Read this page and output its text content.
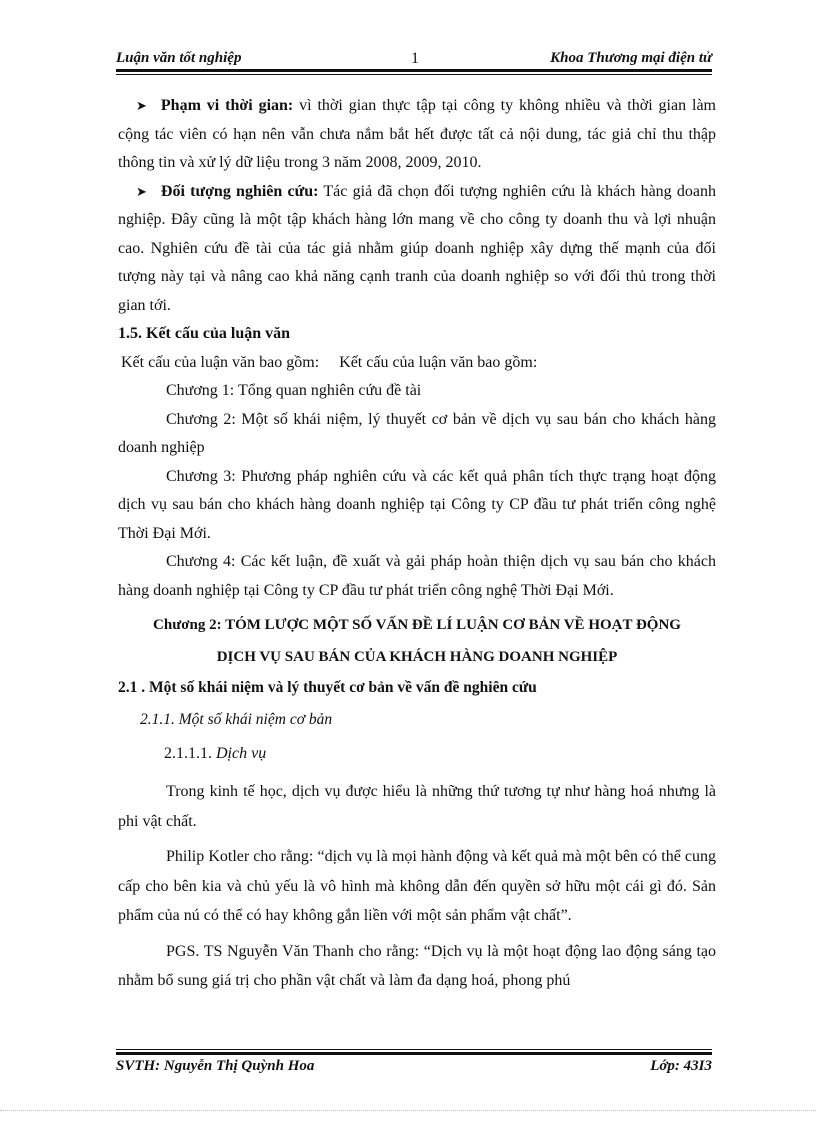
Luận văn tốt nghiệp	1	Khoa Thương mại điện tử

➤ Phạm vi thời gian: vì thời gian thực tập tại công ty không nhiều và thời gian làm cộng tác viên có hạn nên vẫn chưa nắm bắt hết được tất cả nội dung, tác giả chỉ thu thập thông tin và xử lý dữ liệu trong 3 năm 2008, 2009, 2010.

➤ Đối tượng nghiên cứu: Tác giả đã chọn đối tượng nghiên cứu là khách hàng doanh nghiệp. Đây cũng là một tập khách hàng lớn mang về cho công ty doanh thu và lợi nhuận cao. Nghiên cứu đề tài của tác giả nhằm giúp doanh nghiệp xây dựng thế mạnh của đối tượng này tại và nâng cao khả năng cạnh tranh của doanh nghiệp so với đối thủ trong thời gian tới.

1.5. Kết cấu của luận văn

Kết cấu của luận văn bao gồm:     Kết cấu của luận văn bao gồm:

Chương 1: Tổng quan nghiên cứu đề tài

Chương 2: Một số khái niệm, lý thuyết cơ bản về dịch vụ sau bán cho khách hàng doanh nghiệp

Chương 3: Phương pháp nghiên cứu và các kết quả phân tích thực trạng hoạt động dịch vụ sau bán cho khách hàng doanh nghiệp tại Công ty CP đầu tư phát triển công nghệ Thời Đại Mới.

Chương 4: Các kết luận, đề xuất và gải pháp hoàn thiện dịch vụ sau bán cho khách hàng doanh nghiệp tại Công ty CP đầu tư phát triển công nghệ Thời Đại Mới.

Chương 2: TÓM LƯỢC MỘT SỐ VẤN ĐỀ LÍ LUẬN CƠ BẢN VỀ HOẠT ĐỘNG

DỊCH VỤ SAU BÁN CỦA KHÁCH HÀNG DOANH NGHIỆP

2.1 . Một số khái niệm và lý thuyết cơ bản về vấn đề nghiên cứu

2.1.1. Một số khái niệm cơ bản

2.1.1.1. Dịch vụ

Trong kinh tế học, dịch vụ được hiểu là những thứ tương tự như hàng hoá nhưng là phi vật chất.

Philip Kotler cho rằng: “dịch vụ là mọi hành động và kết quả mà một bên có thể cung cấp cho bên kia và chủ yếu là vô hình mà không dẫn đến quyền sở hữu một cái gì đó. Sản phẩm của nú có thể có hay không gắn liền với một sản phẩm vật chất”.

PGS. TS Nguyễn Văn Thanh cho rằng: “Dịch vụ là một hoạt động lao động sáng tạo nhằm bổ sung giá trị cho phần vật chất và làm đa dạng hoá, phong phú

SVTH: Nguyễn Thị Quỳnh Hoa	Lớp: 43I3
